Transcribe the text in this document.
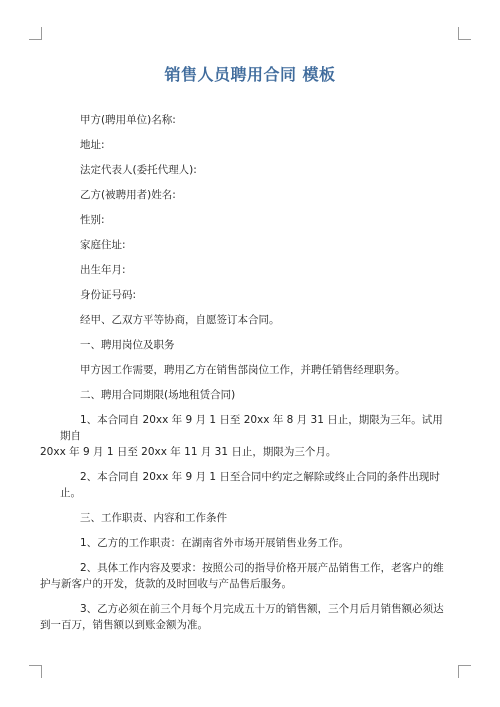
销售人员聘用合同 模板

甲方(聘用单位)名称:

地址:

法定代表人(委托代理人):

乙方(被聘用者)姓名:

性别:

家庭住址:

出生年月:

身份证号码:

经甲、乙双方平等协商，自愿签订本合同。

一、聘用岗位及职务

甲方因工作需要，聘用乙方在销售部岗位工作，并聘任销售经理职务。

二、聘用合同期限(场地租赁合同)

1、本合同自 20xx 年 9 月 1 日至 20xx 年 8 月 31 日止，期限为三年。试用期自
20xx 年 9 月 1 日至 20xx 年 11 月 31 日止，期限为三个月。

2、本合同自 20xx 年 9 月 1 日至合同中约定之解除或终止合同的条件出现时止。

三、工作职责、内容和工作条件

1、乙方的工作职责：在湖南省外市场开展销售业务工作。

2、具体工作内容及要求：按照公司的指导价格开展产品销售工作，老客户的维
护与新客户的开发，货款的及时回收与产品售后服务。

3、乙方必须在前三个月每个月完成五十万的销售额，三个月后月销售额必须达
到一百万，销售额以到账金额为准。
